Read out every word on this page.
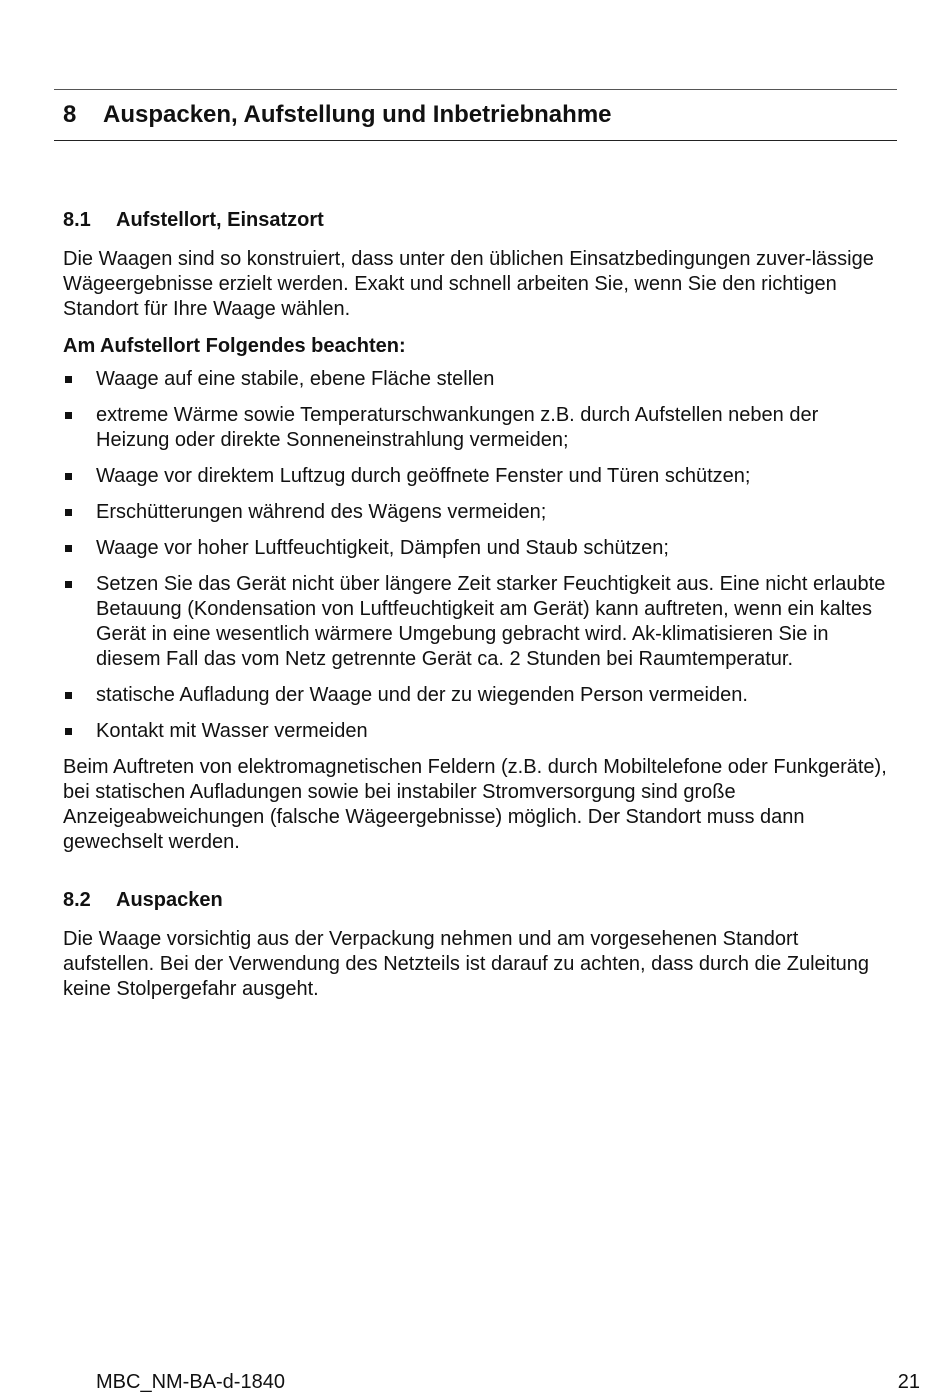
8 Auspacken, Aufstellung und Inbetriebnahme
8.1 Aufstellort, Einsatzort

Die Waagen sind so konstruiert, dass unter den üblichen Einsatzbedingungen zuver-lässige Wägeergebnisse erzielt werden. Exakt und schnell arbeiten Sie, wenn Sie den richtigen Standort für Ihre Waage wählen.

Am Aufstellort Folgendes beachten:

Waage auf eine stabile, ebene Fläche stellen
extreme Wärme sowie Temperaturschwankungen z.B. durch Aufstellen neben der Heizung oder direkte Sonneneinstrahlung vermeiden;
Waage vor direktem Luftzug durch geöffnete Fenster und Türen schützen;
Erschütterungen während des Wägens vermeiden;
Waage vor hoher Luftfeuchtigkeit, Dämpfen und Staub schützen;
Setzen Sie das Gerät nicht über längere Zeit starker Feuchtigkeit aus. Eine nicht erlaubte Betauung (Kondensation von Luftfeuchtigkeit am Gerät) kann auftreten, wenn ein kaltes Gerät in eine wesentlich wärmere Umgebung gebracht wird. Ak-klimatisieren Sie in diesem Fall das vom Netz getrennte Gerät ca. 2 Stunden bei Raumtemperatur.
statische Aufladung der Waage und der zu wiegenden Person vermeiden.
Kontakt mit Wasser vermeiden

Beim Auftreten von elektromagnetischen Feldern (z.B. durch Mobiltelefone oder Funkgeräte), bei statischen Aufladungen sowie bei instabiler Stromversorgung sind große Anzeigeabweichungen (falsche Wägeergebnisse) möglich. Der Standort muss dann gewechselt werden.

8.2 Auspacken

Die Waage vorsichtig aus der Verpackung nehmen und am vorgesehenen Standort aufstellen. Bei der Verwendung des Netzteils ist darauf zu achten, dass durch die Zuleitung keine Stolpergefahr ausgeht.

MBC_NM-BA-d-1840	21
